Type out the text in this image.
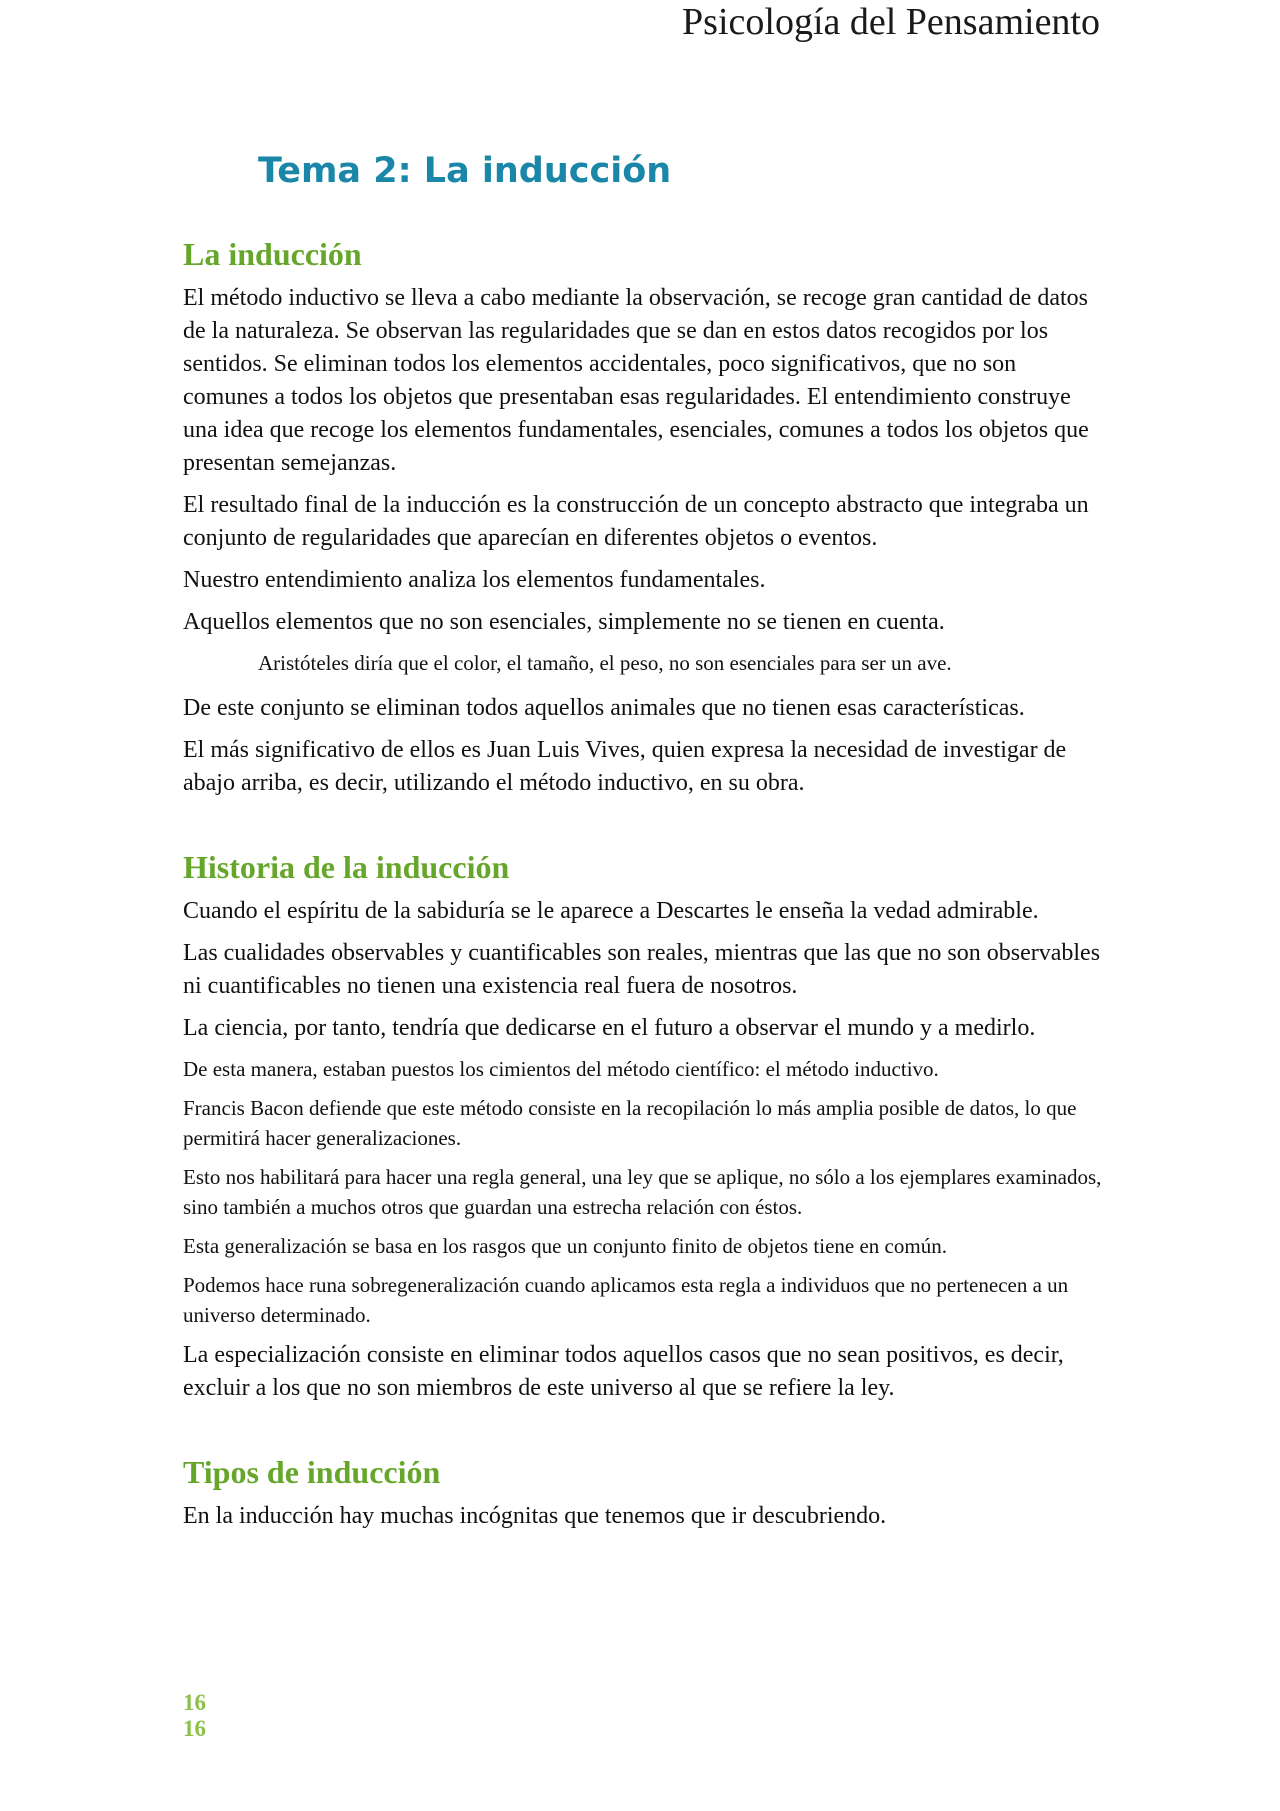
Psicología del Pensamiento
Tema 2: La inducción
La inducción

El método inductivo se lleva a cabo mediante la observación, se recoge gran cantidad de datos de la naturaleza. Se observan las regularidades que se dan en estos datos recogidos por los sentidos. Se eliminan todos los elementos accidentales, poco significativos, que no son comunes a todos los objetos que presentaban esas regularidades. El entendimiento construye una idea que recoge los elementos fundamentales, esenciales, comunes a todos los objetos que presentan semejanzas.

El resultado final de la inducción es la construcción de un concepto abstracto que integraba un conjunto de regularidades que aparecían en diferentes objetos o eventos.

Nuestro entendimiento analiza los elementos fundamentales.

Aquellos elementos que no son esenciales, simplemente no se tienen en cuenta.

Aristóteles diría que el color, el tamaño, el peso, no son esenciales para ser un ave.

De este conjunto se eliminan todos aquellos animales que no tienen esas características.

El más significativo de ellos es Juan Luis Vives, quien expresa la necesidad de investigar de abajo arriba, es decir, utilizando el método inductivo, en su obra.

Historia de la inducción

Cuando el espíritu de la sabiduría se le aparece a Descartes le enseña la vedad admirable.

Las cualidades observables y cuantificables son reales, mientras que las que no son observables ni cuantificables no tienen una existencia real fuera de nosotros.

La ciencia, por tanto, tendría que dedicarse en el futuro a observar el mundo y a medirlo.

De esta manera, estaban puestos los cimientos del método científico: el método inductivo.

Francis Bacon defiende que este método consiste en la recopilación lo más amplia posible de datos, lo que permitirá hacer generalizaciones.

Esto nos habilitará para hacer una regla general, una ley que se aplique, no sólo a los ejemplares examinados, sino también a muchos otros que guardan una estrecha relación con éstos.

Esta generalización se basa en los rasgos que un conjunto finito de objetos tiene en común.

Podemos hace runa sobregeneralización cuando aplicamos esta regla a individuos que no pertenecen a un universo determinado.

La especialización consiste en eliminar todos aquellos casos que no sean positivos, es decir, excluir a los que no son miembros de este universo al que se refiere la ley.

Tipos de inducción

En la inducción hay muchas incógnitas que tenemos que ir descubriendo.

16
16
